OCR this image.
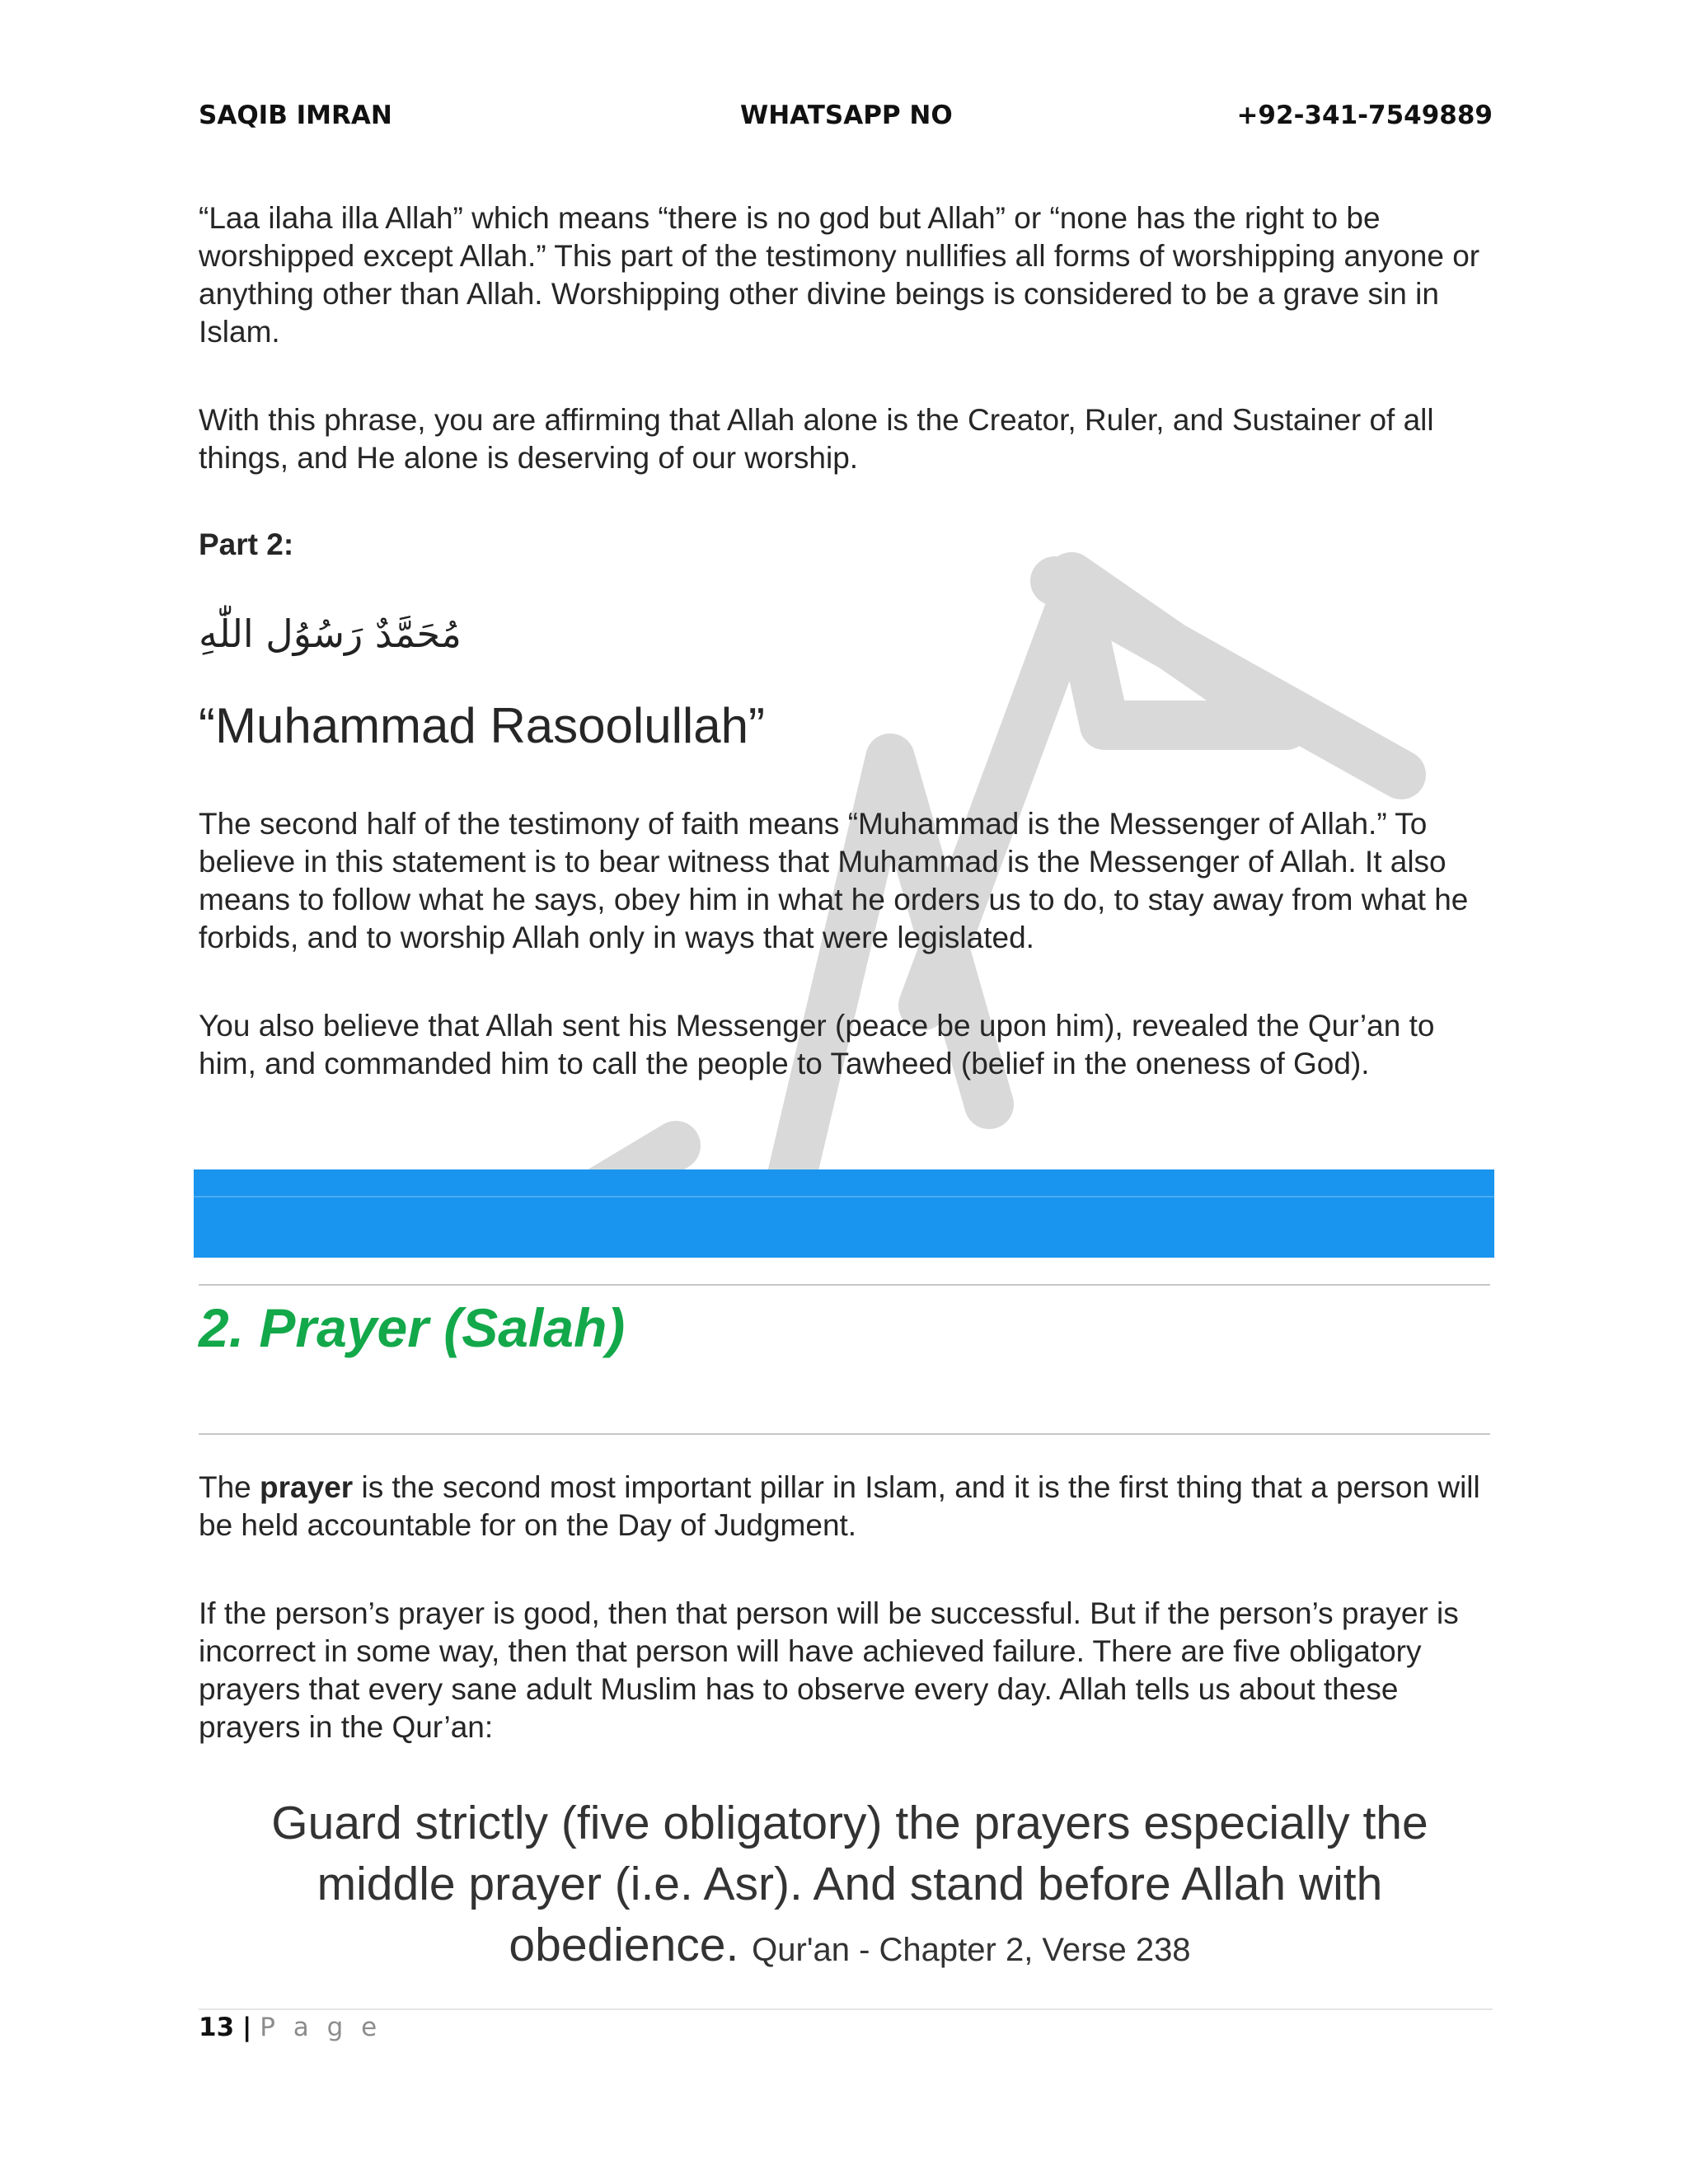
SAQIB IMRAN	WHATSAPP NO	+92-341-7549889

“Laa ilaha illa Allah” which means “there is no god but Allah” or “none has the right to be worshipped except Allah.” This part of the testimony nullifies all forms of worshipping anyone or anything other than Allah. Worshipping other divine beings is considered to be a grave sin in Islam.

With this phrase, you are affirming that Allah alone is the Creator, Ruler, and Sustainer of all things, and He alone is deserving of our worship.

Part 2:
مُحَمَّدٌ رَسُوُل اللّٰهِ
“Muhammad Rasoolullah”

The second half of the testimony of faith means “Muhammad is the Messenger of Allah.” To believe in this statement is to bear witness that Muhammad is the Messenger of Allah. It also means to follow what he says, obey him in what he orders us to do, to stay away from what he forbids, and to worship Allah only in ways that were legislated.

You also believe that Allah sent his Messenger (peace be upon him), revealed the Qur’an to him, and commanded him to call the people to Tawheed (belief in the oneness of God).

2. Prayer (Salah)

The prayer is the second most important pillar in Islam, and it is the first thing that a person will be held accountable for on the Day of Judgment.

If the person’s prayer is good, then that person will be successful. But if the person’s prayer is incorrect in some way, then that person will have achieved failure. There are five obligatory prayers that every sane adult Muslim has to observe every day. Allah tells us about these prayers in the Qur’an:

Guard strictly (five obligatory) the prayers especially the middle prayer (i.e. Asr). And stand before Allah with obedience. Qur'an - Chapter 2, Verse 238
13 | P a g e
